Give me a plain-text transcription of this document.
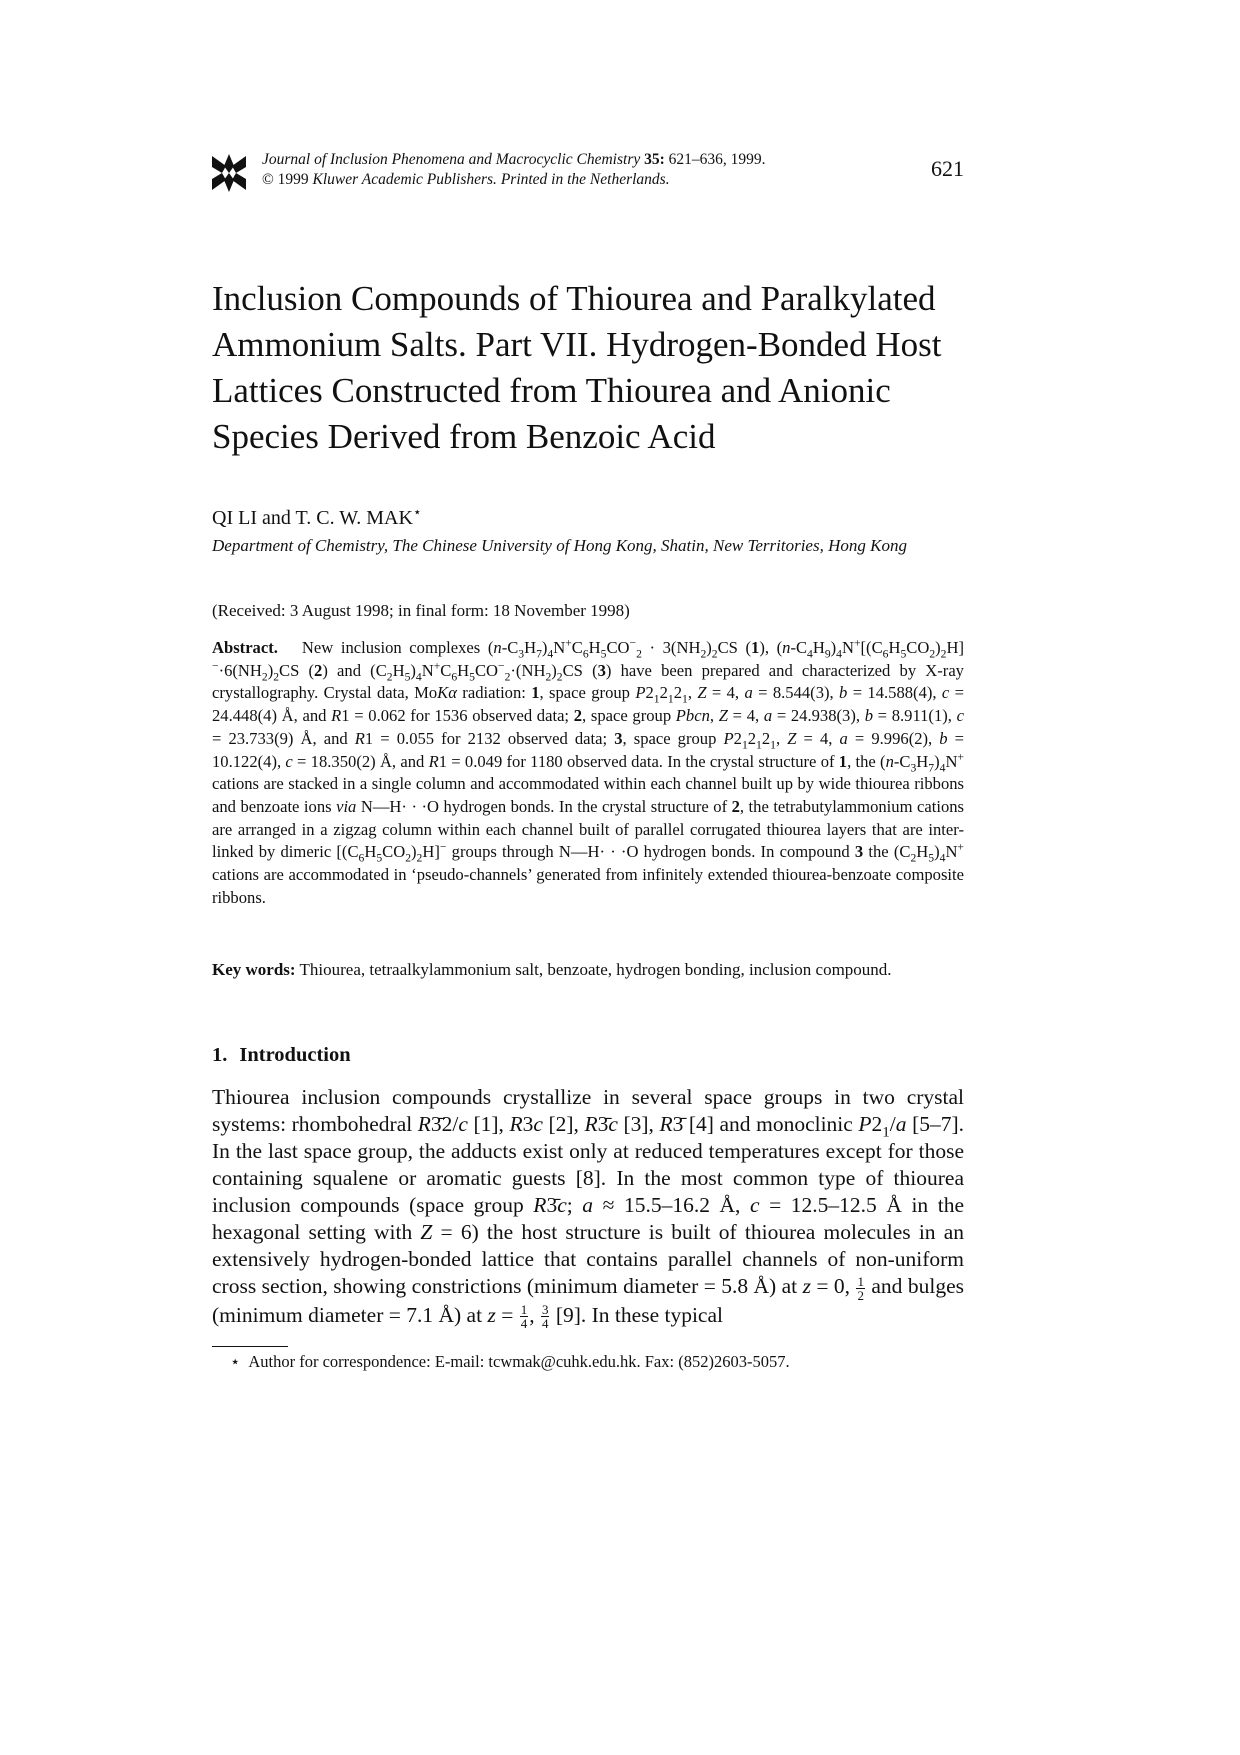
Journal of Inclusion Phenomena and Macrocyclic Chemistry 35: 621–636, 1999.
© 1999 Kluwer Academic Publishers. Printed in the Netherlands.	621
Inclusion Compounds of Thiourea and Paralkylated Ammonium Salts. Part VII. Hydrogen-Bonded Host Lattices Constructed from Thiourea and Anionic Species Derived from Benzoic Acid
QI LI and T. C. W. MAK⋆
Department of Chemistry, The Chinese University of Hong Kong, Shatin, New Territories, Hong Kong
(Received: 3 August 1998; in final form: 18 November 1998)
Abstract. New inclusion complexes $(n-C_3H_7)_4N^+C_6H_5CO^-_2 \cdot 3(NH_2)_2CS$ (1), $(n-C_4H_9)_4N^+[(C_6H_5CO_2)_2H]^-\cdot 6(NH_2)_2CS$ (2) and $(C_2H_5)_4N^+C_6H_5CO^-_2\cdot(NH_2)_2CS$ (3) have been prepared and characterized by X-ray crystallography. Crystal data, MoKα radiation: 1, space group $P2_12_12_1$, Z = 4, a = 8.544(3), b = 14.588(4), c = 24.448(4) Å, and R1 = 0.062 for 1536 observed data; 2, space group Pbcn, Z = 4, a = 24.938(3), b = 8.911(1), c = 23.733(9) Å, and R1 = 0.055 for 2132 observed data; 3, space group $P2_12_12_1$, Z = 4, a = 9.996(2), b = 10.122(4), c = 18.350(2) Å, and R1 = 0.049 for 1180 observed data. In the crystal structure of 1, the $(n-C_3H_7)_4N^+$ cations are stacked in a single column and accommodated within each channel built up by wide thiourea ribbons and benzoate ions via N—H· · ·O hydrogen bonds. In the crystal structure of 2, the tetrabutylammonium cations are arranged in a zigzag column within each channel built of parallel corrugated thiourea layers that are inter-linked by dimeric $[(C_6H_5CO_2)_2H]^-$ groups through N—H· · ·O hydrogen bonds. In compound 3 the $(C_2H_5)_4N^+$ cations are accommodated in ‘pseudo-channels’ generated from infinitely extended thiourea-benzoate composite ribbons.
Key words: Thiourea, tetraalkylammonium salt, benzoate, hydrogen bonding, inclusion compound.
1. Introduction
Thiourea inclusion compounds crystallize in several space groups in two crystal systems: rhombohedral R3̄2/c [1], R3c [2], R3̄c [3], R3̄ [4] and monoclinic $P2_1/a$ [5–7]. In the last space group, the adducts exist only at reduced temperatures except for those containing squalene or aromatic guests [8]. In the most common type of thiourea inclusion compounds (space group R3̄c; a ≈ 15.5–16.2 Å, c = 12.5–12.5 Å in the hexagonal setting with Z = 6) the host structure is built of thiourea molecules in an extensively hydrogen-bonded lattice that contains parallel channels of non-uniform cross section, showing constrictions (minimum diameter = 5.8 Å) at z = 0, $\frac{1}{2}$ and bulges (minimum diameter = 7.1 Å) at $z = \frac{1}{4}$ , $\frac{3}{4} [9]$. In these typical
⋆ Author for correspondence: E-mail: tcwmak@cuhk.edu.hk. Fax: (852)2603-5057.
